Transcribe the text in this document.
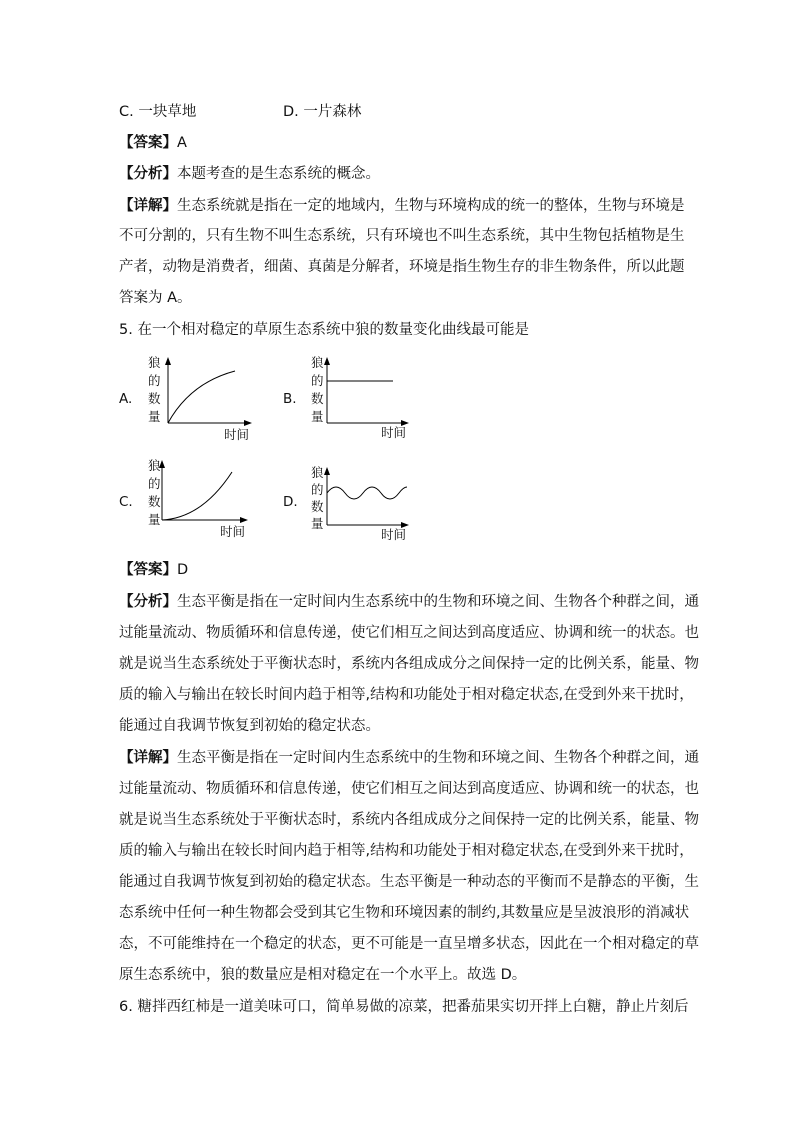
C. 一块草地	D. 一片森林
【答案】A
【分析】本题考查的是生态系统的概念。
【详解】生态系统就是指在一定的地域内，生物与环境构成的统一的整体，生物与环境是
不可分割的，只有生物不叫生态系统，只有环境也不叫生态系统，其中生物包括植物是生
产者，动物是消费者，细菌、真菌是分解者，环境是指生物生存的非生物条件，所以此题
答案为 A。
5. 在一个相对稳定的草原生态系统中狼的数量变化曲线最可能是
A.
狼
的
数
量
时间
B.
狼
的
数
量
时间
C.
狼
的
数
量
时间
D.
狼
的
数
量
时间
【答案】D
【分析】生态平衡是指在一定时间内生态系统中的生物和环境之间、生物各个种群之间，通
过能量流动、物质循环和信息传递，使它们相互之间达到高度适应、协调和统一的状态。也
就是说当生态系统处于平衡状态时，系统内各组成成分之间保持一定的比例关系，能量、物
质的输入与输出在较长时间内趋于相等,结构和功能处于相对稳定状态,在受到外来干扰时，
能通过自我调节恢复到初始的稳定状态。
【详解】生态平衡是指在一定时间内生态系统中的生物和环境之间、生物各个种群之间，通
过能量流动、物质循环和信息传递，使它们相互之间达到高度适应、协调和统一的状态，也
就是说当生态系统处于平衡状态时，系统内各组成成分之间保持一定的比例关系，能量、物
质的输入与输出在较长时间内趋于相等,结构和功能处于相对稳定状态,在受到外来干扰时，
能通过自我调节恢复到初始的稳定状态。生态平衡是一种动态的平衡而不是静态的平衡，生
态系统中任何一种生物都会受到其它生物和环境因素的制约,其数量应是呈波浪形的消减状
态，不可能维持在一个稳定的状态，更不可能是一直呈增多状态，因此在一个相对稳定的草
原生态系统中，狼的数量应是相对稳定在一个水平上。故选 D。
6. 糖拌西红柿是一道美味可口，简单易做的凉菜，把番茄果实切开拌上白糖，静止片刻后
